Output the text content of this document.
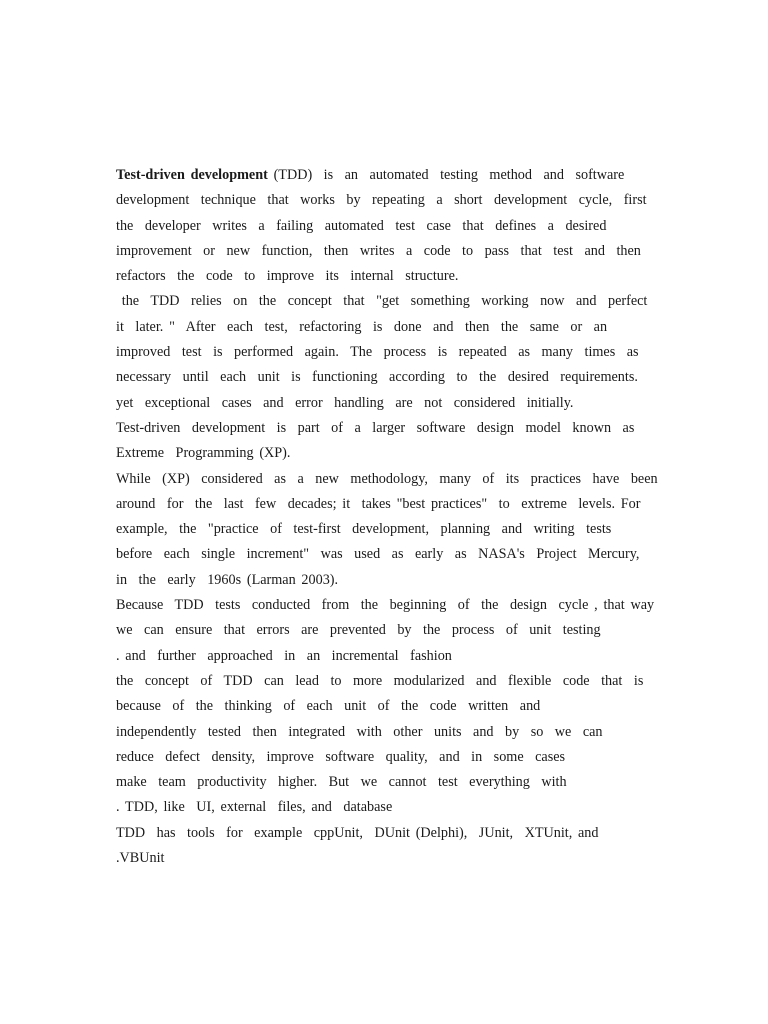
Test-driven development (TDD)  is  an  automated  testing  method  and  software
development  technique  that  works  by  repeating  a  short  development  cycle,  first
the  developer  writes  a  failing  automated  test  case  that  defines  a  desired
improvement  or  new  function,  then  writes  a  code  to  pass  that  test  and  then
refactors  the  code  to  improve  its  internal  structure.
the  TDD  relies  on  the  concept  that  "get  something  working  now  and  perfect
it  later. "  After  each  test,  refactoring  is  done  and  then  the  same  or  an
improved  test  is  performed  again.  The  process  is  repeated  as  many  times  as
necessary  until  each  unit  is  functioning  according  to  the  desired  requirements.
yet  exceptional  cases  and  error  handling  are  not  considered  initially.
Test-driven  development  is  part  of  a  larger  software  design  model  known  as
Extreme  Programming (XP).
While  (XP)  considered  as  a  new  methodology,  many  of  its  practices  have  been
around  for  the  last  few  decades; it  takes "best practices"  to  extreme  levels. For
example,  the  "practice  of  test-first  development,  planning  and  writing  tests
before  each  single  increment"  was  used  as  early  as  NASA's  Project  Mercury,
in  the  early  1960s (Larman 2003).
Because  TDD  tests  conducted  from  the  beginning  of  the  design  cycle , that way
we  can  ensure  that  errors  are  prevented  by  the  process  of  unit  testing
. and  further  approached  in  an  incremental  fashion
the  concept  of  TDD  can  lead  to  more  modularized  and  flexible  code  that  is
because  of  the  thinking  of  each  unit  of  the  code  written  and
independently  tested  then  integrated  with  other  units  and  by  so  we  can
reduce  defect  density,  improve  software  quality,  and  in  some  cases
make  team  productivity  higher.  But  we  cannot  test  everything  with
. TDD, like  UI, external  files, and  database
TDD  has  tools  for  example  cppUnit,  DUnit (Delphi),  JUnit,  XTUnit, and
.VBUnit
